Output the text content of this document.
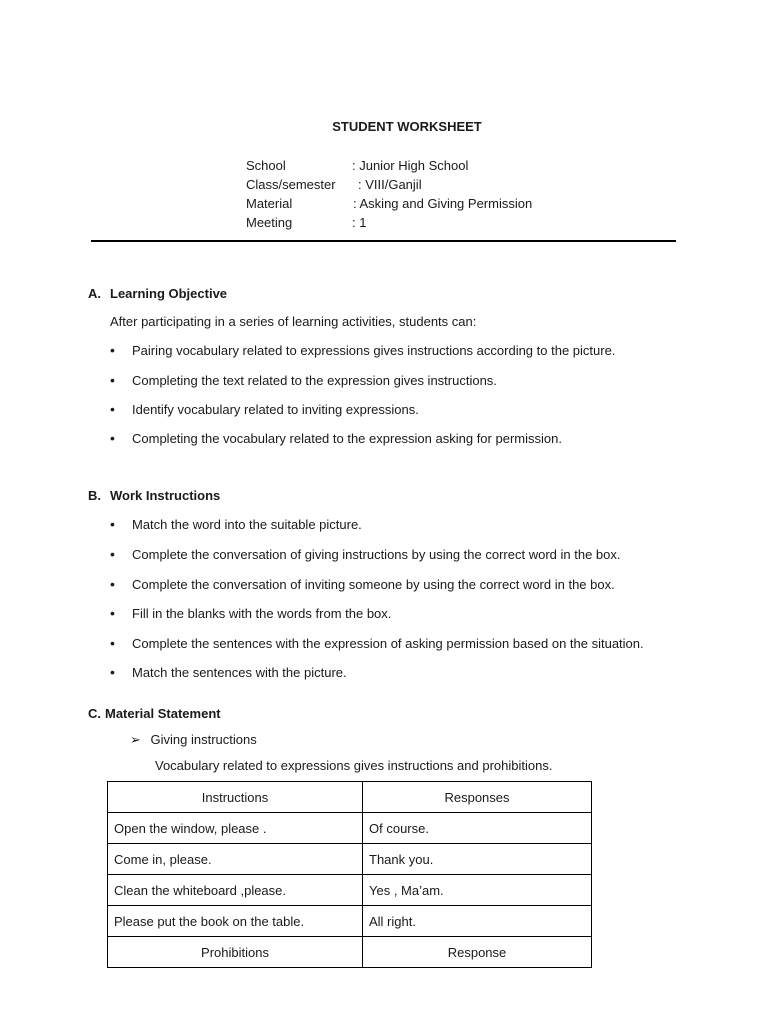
STUDENT WORKSHEET
School	: Junior High School
Class/semester : VIII/Ganjil
Material	: Asking and Giving Permission
Meeting	: 1
A. Learning Objective
After participating in a series of learning activities, students can:
• Pairing vocabulary related to expressions gives instructions according to the picture.
• Completing the text related to the expression gives instructions.
• Identify vocabulary related to inviting expressions.
• Completing the vocabulary related to the expression asking for permission.
B. Work Instructions
• Match the word into the suitable picture.
• Complete the conversation of giving instructions by using the correct word in the box.
• Complete the conversation of inviting someone by using the correct word in the box.
• Fill in the blanks with the words from the box.
• Complete the sentences with the expression of asking permission based on the situation.
• Match the sentences with the picture.
C. Material Statement
➢ Giving instructions
Vocabulary related to expressions gives instructions and prohibitions.
Instructions	Responses
Open the window, please .	Of course.
Come in, please.	Thank you.
Clean the whiteboard ,please.	Yes , Ma’am.
Please put the book on the table.	All right.
Prohibitions	Response
